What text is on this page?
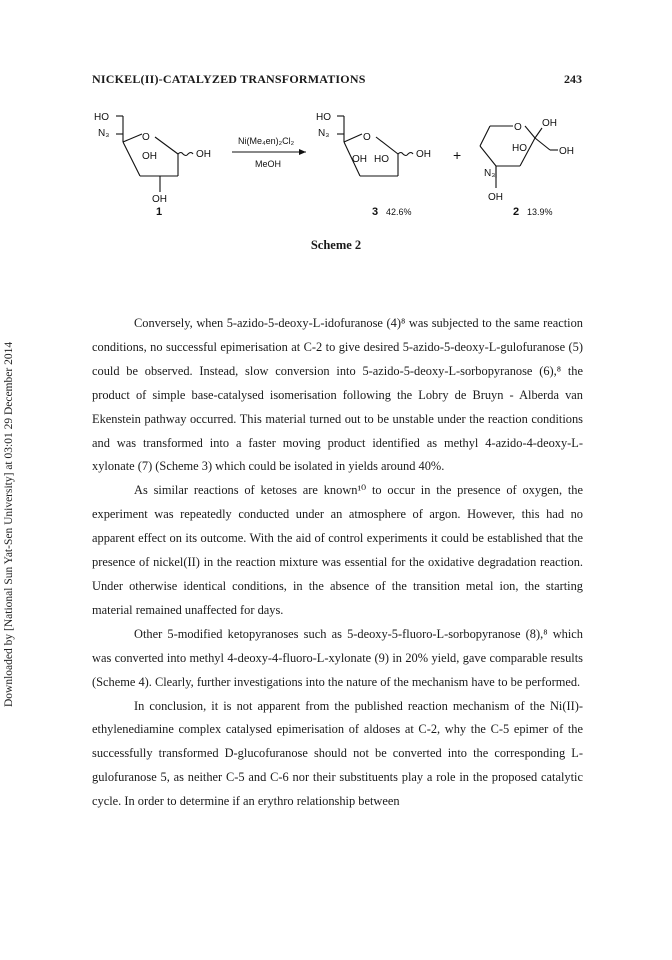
Downloaded by [National Sun Yat-Sen University] at 03:01 29 December 2014
NICKEL(II)-CATALYZED TRANSFORMATIONS	243
HO
N₃	O
OH	OH
OH
1
Ni(Me₄en)₂Cl₂
MeOH
HO
N₃	O
OH HO	OH
3 42.6%
+
O OH
HO	OH
N₃
OH
2 13.9%
Scheme 2

Conversely, when 5-azido-5-deoxy-L-idofuranose (4)⁸ was subjected to the same reaction conditions, no successful epimerisation at C-2 to give desired 5-azido-5-deoxy-L-gulofuranose (5) could be observed. Instead, slow conversion into 5-azido-5-deoxy-L-sorbopyranose (6),⁸ the product of simple base-catalysed isomerisation following the Lobry de Bruyn - Alberda van Ekenstein pathway occurred. This material turned out to be unstable under the reaction conditions and was transformed into a faster moving product identified as methyl 4-azido-4-deoxy-L-xylonate (7) (Scheme 3) which could be isolated in yields around 40%.

As similar reactions of ketoses are known¹⁰ to occur in the presence of oxygen, the experiment was repeatedly conducted under an atmosphere of argon. However, this had no apparent effect on its outcome. With the aid of control experiments it could be established that the presence of nickel(II) in the reaction mixture was essential for the oxidative degradation reaction. Under otherwise identical conditions, in the absence of the transition metal ion, the starting material remained unaffected for days.

Other 5-modified ketopyranoses such as 5-deoxy-5-fluoro-L-sorbopyranose (8),⁸ which was converted into methyl 4-deoxy-4-fluoro-L-xylonate (9) in 20% yield, gave comparable results (Scheme 4). Clearly, further investigations into the nature of the mechanism have to be performed.

In conclusion, it is not apparent from the published reaction mechanism of the Ni(II)-ethylenediamine complex catalysed epimerisation of aldoses at C-2, why the C-5 epimer of the successfully transformed D-glucofuranose should not be converted into the corresponding L-gulofuranose 5, as neither C-5 and C-6 nor their substituents play a role in the proposed catalytic cycle. In order to determine if an erythro relationship between
